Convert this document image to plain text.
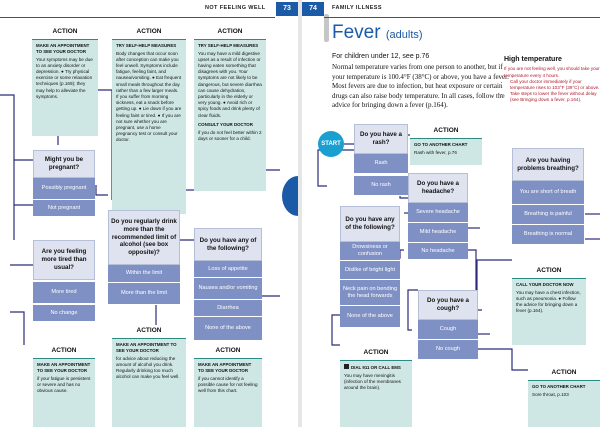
ACTION
MAKE AN APPOINTMENT TO SEE YOUR DOCTOR
Your symptoms may be due to an anxiety disorder or depression. ● Try physical exercise or some relaxation techniques (p.169); they may help to alleviate the symptoms.
ACTION
TRY SELF-HELP MEASURES
Body changes that occur soon after conception can make you feel unwell. Symptoms include fatigue, feeling faint, and nausea/vomiting. ● Eat frequent small meals throughout the day rather than a few larger meals. If you suffer from morning sickness, eat a snack before getting up. ● Lie down if you are feeling faint or tired. ● If you are not sure whether you are pregnant, use a home pregnancy test or consult your doctor.
ACTION
TRY SELF-HELP MEASURES
You may have a mild digestive upset as a result of infection or having eaten something that disagrees with you. Your symptoms are not likely to be dangerous, but severe diarrhea can cause dehydration, particularly in the elderly or very young. ● Avoid rich or spicy foods and drink plenty of clear fluids.
CONSULT YOUR DOCTOR
if you do not feel better within 2 days or sooner for a child.
Might you be pregnant?
Possibly pregnant
Not pregnant
Are you feeling more tired than usual?
More tired
No change
Do you regularly drink more than the recommended limit of alcohol (see box opposite)?
Within the limit
More than the limit
Do you have any of the following?
Loss of appetite
Nausea and/or vomiting
Diarrhea
None of the above
ACTION
MAKE AN APPOINTMENT TO SEE YOUR DOCTOR
if your fatigue is persistent or severe and has no obvious cause.
ACTION
MAKE AN APPOINTMENT TO SEE YOUR DOCTOR
for advice about reducing the amount of alcohol you drink. Regularly drinking too much alcohol can make you feel well.
ACTION
MAKE AN APPOINTMENT TO SEE YOUR DOCTOR
if you cannot identify a possible cause for not feeling well from this chart.
NOT FEELING WELL	73
Fever (adults)
For children under 12, see p.76
Normal temperature varies from one person to another, but if your temperature is 100.4°F (38°C) or above, you have a fever. Most fevers are due to infection, but heat exposure or certain drugs can also raise body temperature. In all cases, follow the advice for bringing down a fever (p.164).
High temperature
If you are not feeling well, you should take your temperature every 4 hours.
• Call your doctor immediately if your temperature rises to 103°F (39°C) or above.
• Take steps to lower the fever without delay (see Bringing down a fever, p.164).
START
Do you have a rash?
Rash
No rash
ACTION
GO TO ANOTHER CHART
Rash with fever, p.76
Do you have a headache?
Severe headache
Mild headache
No headache
Do you have any of the following?
Drowsiness or confusion
Dislike of bright light
Neck pain on bending the head forwards
None of the above
ACTION
DIAL 911 OR CALL EMS
You may have meningitis (infection of the membranes around the brain).
Do you have a cough?
Cough
No cough
Are you having problems breathing?
You are short of breath
Breathing is painful
Breathing is normal
ACTION
CALL YOUR DOCTOR NOW
You may have a chest infection, such as pneumonia. ● Follow the advice for bringing down a fever (p.164).
ACTION
GO TO ANOTHER CHART
Sore throat, p.103
74	FAMILY ILLNESS
